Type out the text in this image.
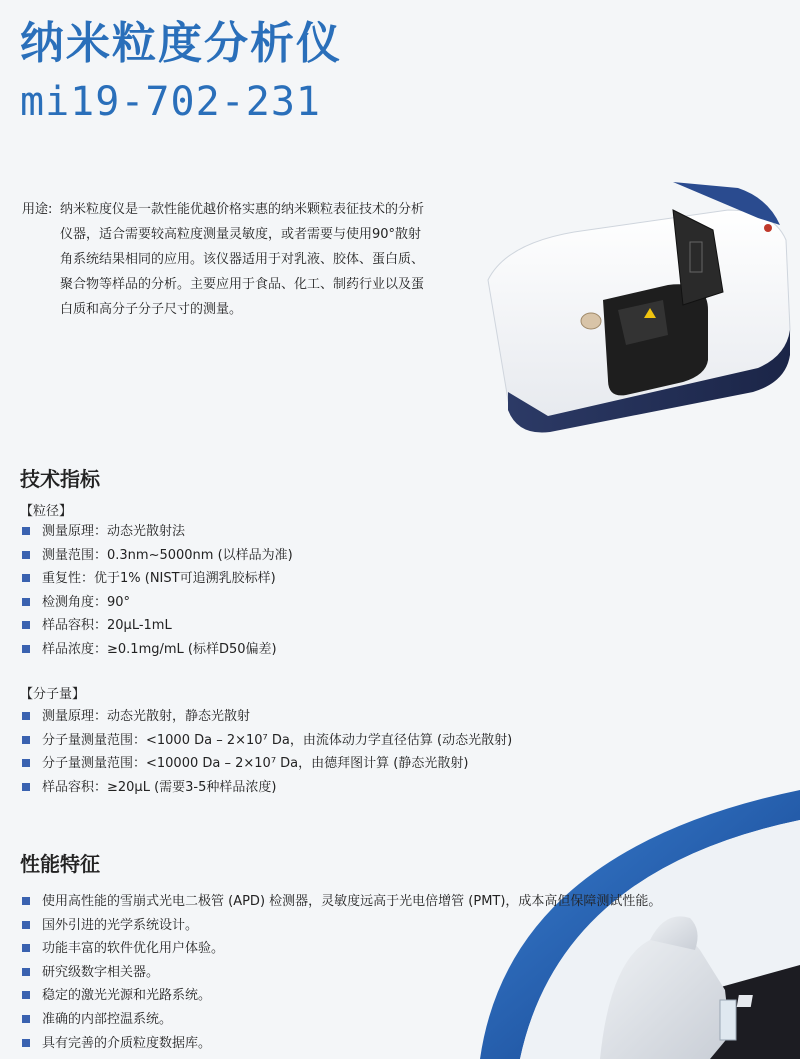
纳米粒度分析仪
mi19-702-231
用途: 纳米粒度仪是一款性能优越价格实惠的纳米颗粒表征技术的分析仪器，适合需要较高粒度测量灵敏度，或者需要与使用90°散射角系统结果相同的应用。该仪器适用于对乳液、胶体、蛋白质、聚合物等样品的分析。主要应用于食品、化工、制药行业以及蛋白质和高分子分子尺寸的测量。
技术指标
【粒径】
测量原理：动态光散射法
测量范围：0.3nm~5000nm (以样品为准)
重复性：优于1% (NIST可追溯乳胶标样)
检测角度：90°
样品容积：20μL-1mL
样品浓度：≥0.1mg/mL (标样D50偏差)
【分子量】
测量原理：动态光散射，静态光散射
分子量测量范围：<1000 Da – 2×10⁷ Da，由流体动力学直径估算 (动态光散射)
分子量测量范围：<10000 Da – 2×10⁷ Da，由德拜图计算 (静态光散射)
样品容积：≥20μL (需要3-5种样品浓度)
性能特征
使用高性能的雪崩式光电二极管 (APD) 检测器，灵敏度远高于光电倍增管 (PMT)，成本高但保障测试性能。
国外引进的光学系统设计。
功能丰富的软件优化用户体验。
研究级数字相关器。
稳定的激光光源和光路系统。
准确的内部控温系统。
具有完善的介质粒度数据库。
